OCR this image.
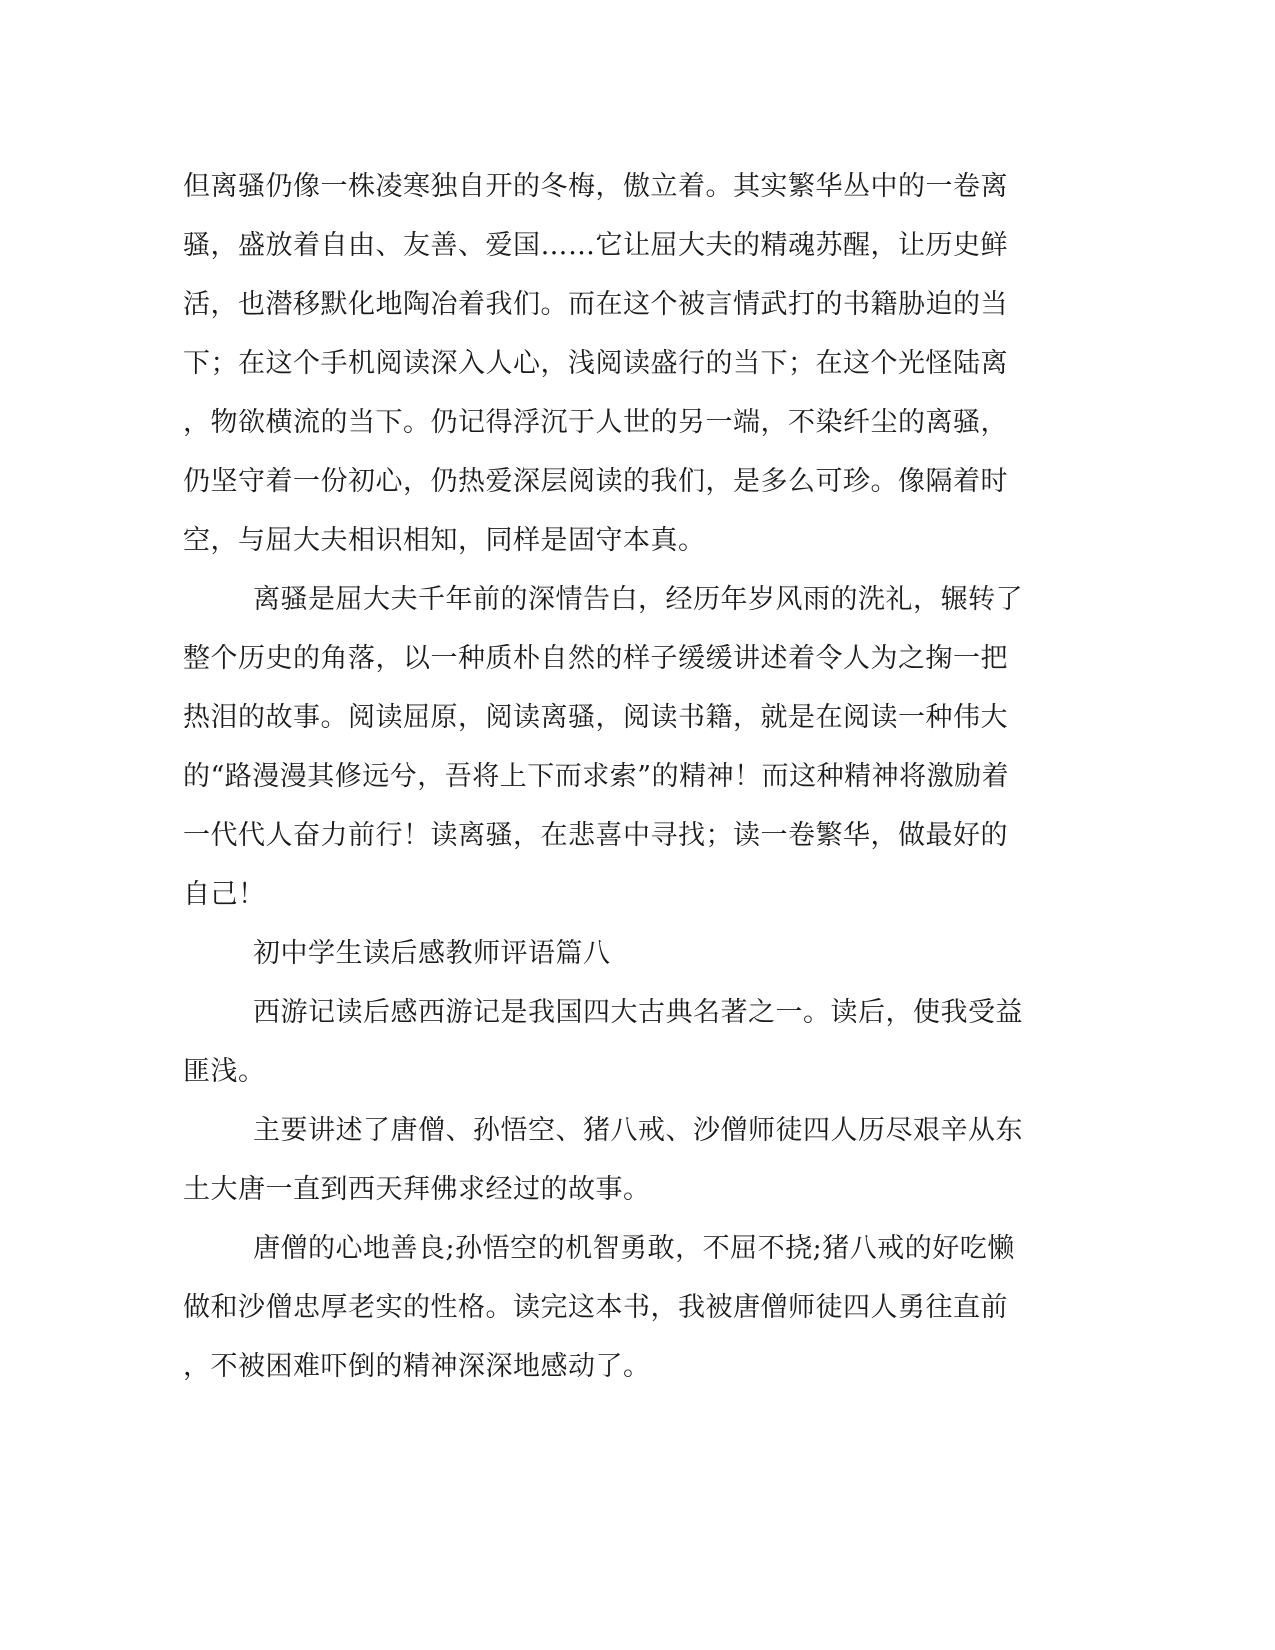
但离骚仍像一株凌寒独自开的冬梅，傲立着。其实繁华丛中的一卷离
骚，盛放着自由、友善、爱国……它让屈大夫的精魂苏醒，让历史鲜
活，也潜移默化地陶冶着我们。而在这个被言情武打的书籍胁迫的当
下；在这个手机阅读深入人心，浅阅读盛行的当下；在这个光怪陆离
，物欲横流的当下。仍记得浮沉于人世的另一端，不染纤尘的离骚，
仍坚守着一份初心，仍热爱深层阅读的我们，是多么可珍。像隔着时
空，与屈大夫相识相知，同样是固守本真。
离骚是屈大夫千年前的深情告白，经历年岁风雨的洗礼，辗转了
整个历史的角落，以一种质朴自然的样子缓缓讲述着令人为之掬一把
热泪的故事。阅读屈原，阅读离骚，阅读书籍，就是在阅读一种伟大
的“路漫漫其修远兮，吾将上下而求索”的精神！而这种精神将激励着
一代代人奋力前行！读离骚，在悲喜中寻找；读一卷繁华，做最好的
自己！
初中学生读后感教师评语篇八
西游记读后感西游记是我国四大古典名著之一。读后，使我受益
匪浅。
主要讲述了唐僧、孙悟空、猪八戒、沙僧师徒四人历尽艰辛从东
土大唐一直到西天拜佛求经过的故事。
唐僧的心地善良;孙悟空的机智勇敢，不屈不挠;猪八戒的好吃懒
做和沙僧忠厚老实的性格。读完这本书，我被唐僧师徒四人勇往直前
，不被困难吓倒的精神深深地感动了。
